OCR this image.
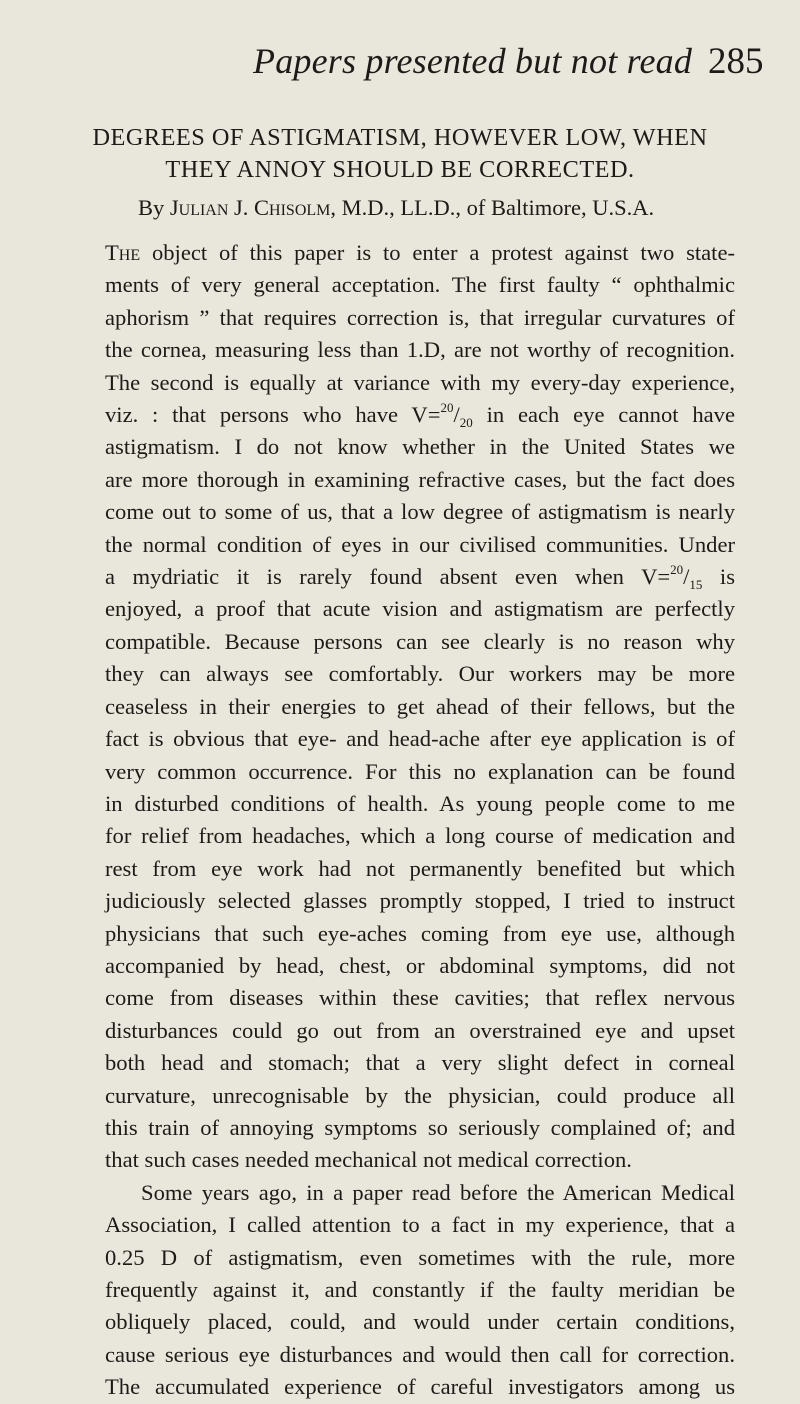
Papers presented but not read 285
DEGREES OF ASTIGMATISM, HOWEVER LOW, WHEN
THEY ANNOY SHOULD BE CORRECTED.
By Julian J. Chisolm, M.D., LL.D., of Baltimore, U.S.A.
The object of this paper is to enter a protest against two state-
ments of very general acceptation. The first faulty “ ophthalmic
aphorism ” that requires correction is, that irregular curvatures of
the cornea, measuring less than 1.D, are not worthy of recognition.
The second is equally at variance with my every-day experience,
viz. : that persons who have $V=^{20}/_{20}$ in each eye cannot have
astigmatism. I do not know whether in the United States we
are more thorough in examining refractive cases, but the fact does
come out to some of us, that a low degree of astigmatism is nearly
the normal condition of eyes in our civilised communities. Under
a mydriatic it is rarely found absent even when $V=^{20}/_{15}$ is
enjoyed, a proof that acute vision and astigmatism are perfectly
compatible. Because persons can see clearly is no reason why
they can always see comfortably. Our workers may be more
ceaseless in their energies to get ahead of their fellows, but the
fact is obvious that eye- and head-ache after eye application is of
very common occurrence. For this no explanation can be found
in disturbed conditions of health. As young people come to me
for relief from headaches, which a long course of medication and
rest from eye work had not permanently benefited but which
judiciously selected glasses promptly stopped, I tried to instruct
physicians that such eye-aches coming from eye use, although
accompanied by head, chest, or abdominal symptoms, did not
come from diseases within these cavities; that reflex nervous
disturbances could go out from an overstrained eye and upset
both head and stomach; that a very slight defect in corneal
curvature, unrecognisable by the physician, could produce all
this train of annoying symptoms so seriously complained of; and
that such cases needed mechanical not medical correction.
Some years ago, in a paper read before the American Medical
Association, I called attention to a fact in my experience, that a
0.25 D of astigmatism, even sometimes with the rule, more
frequently against it, and constantly if the faulty meridian be
obliquely placed, could, and would under certain conditions,
cause serious eye disturbances and would then call for correction.
The accumulated experience of careful investigators among us
